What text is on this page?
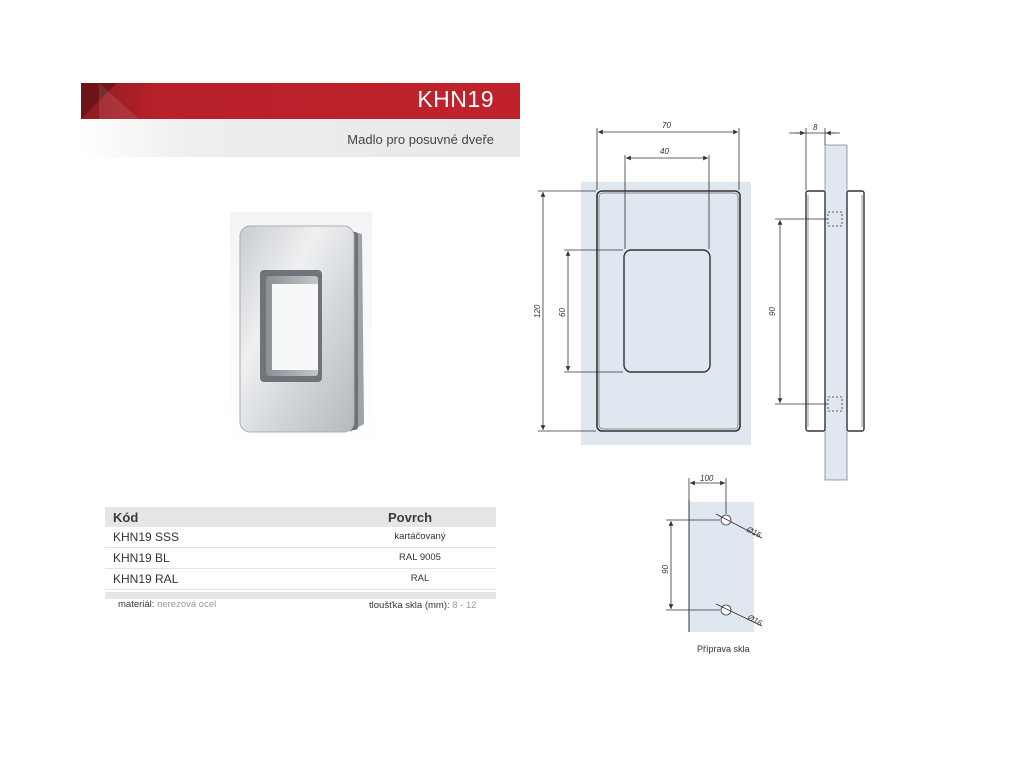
KHN19
Madlo pro posuvné dveře
Kód	Povrch
KHN19 SSS	kartáčovaný
KHN19 BL	RAL 9005
KHN19 RAL	RAL
materiál: nerezová ocel	tloušťka skla (mm): 8 - 12
70
40
120 60
8
90
100
90
Ø16
Ø16
Příprava skla
